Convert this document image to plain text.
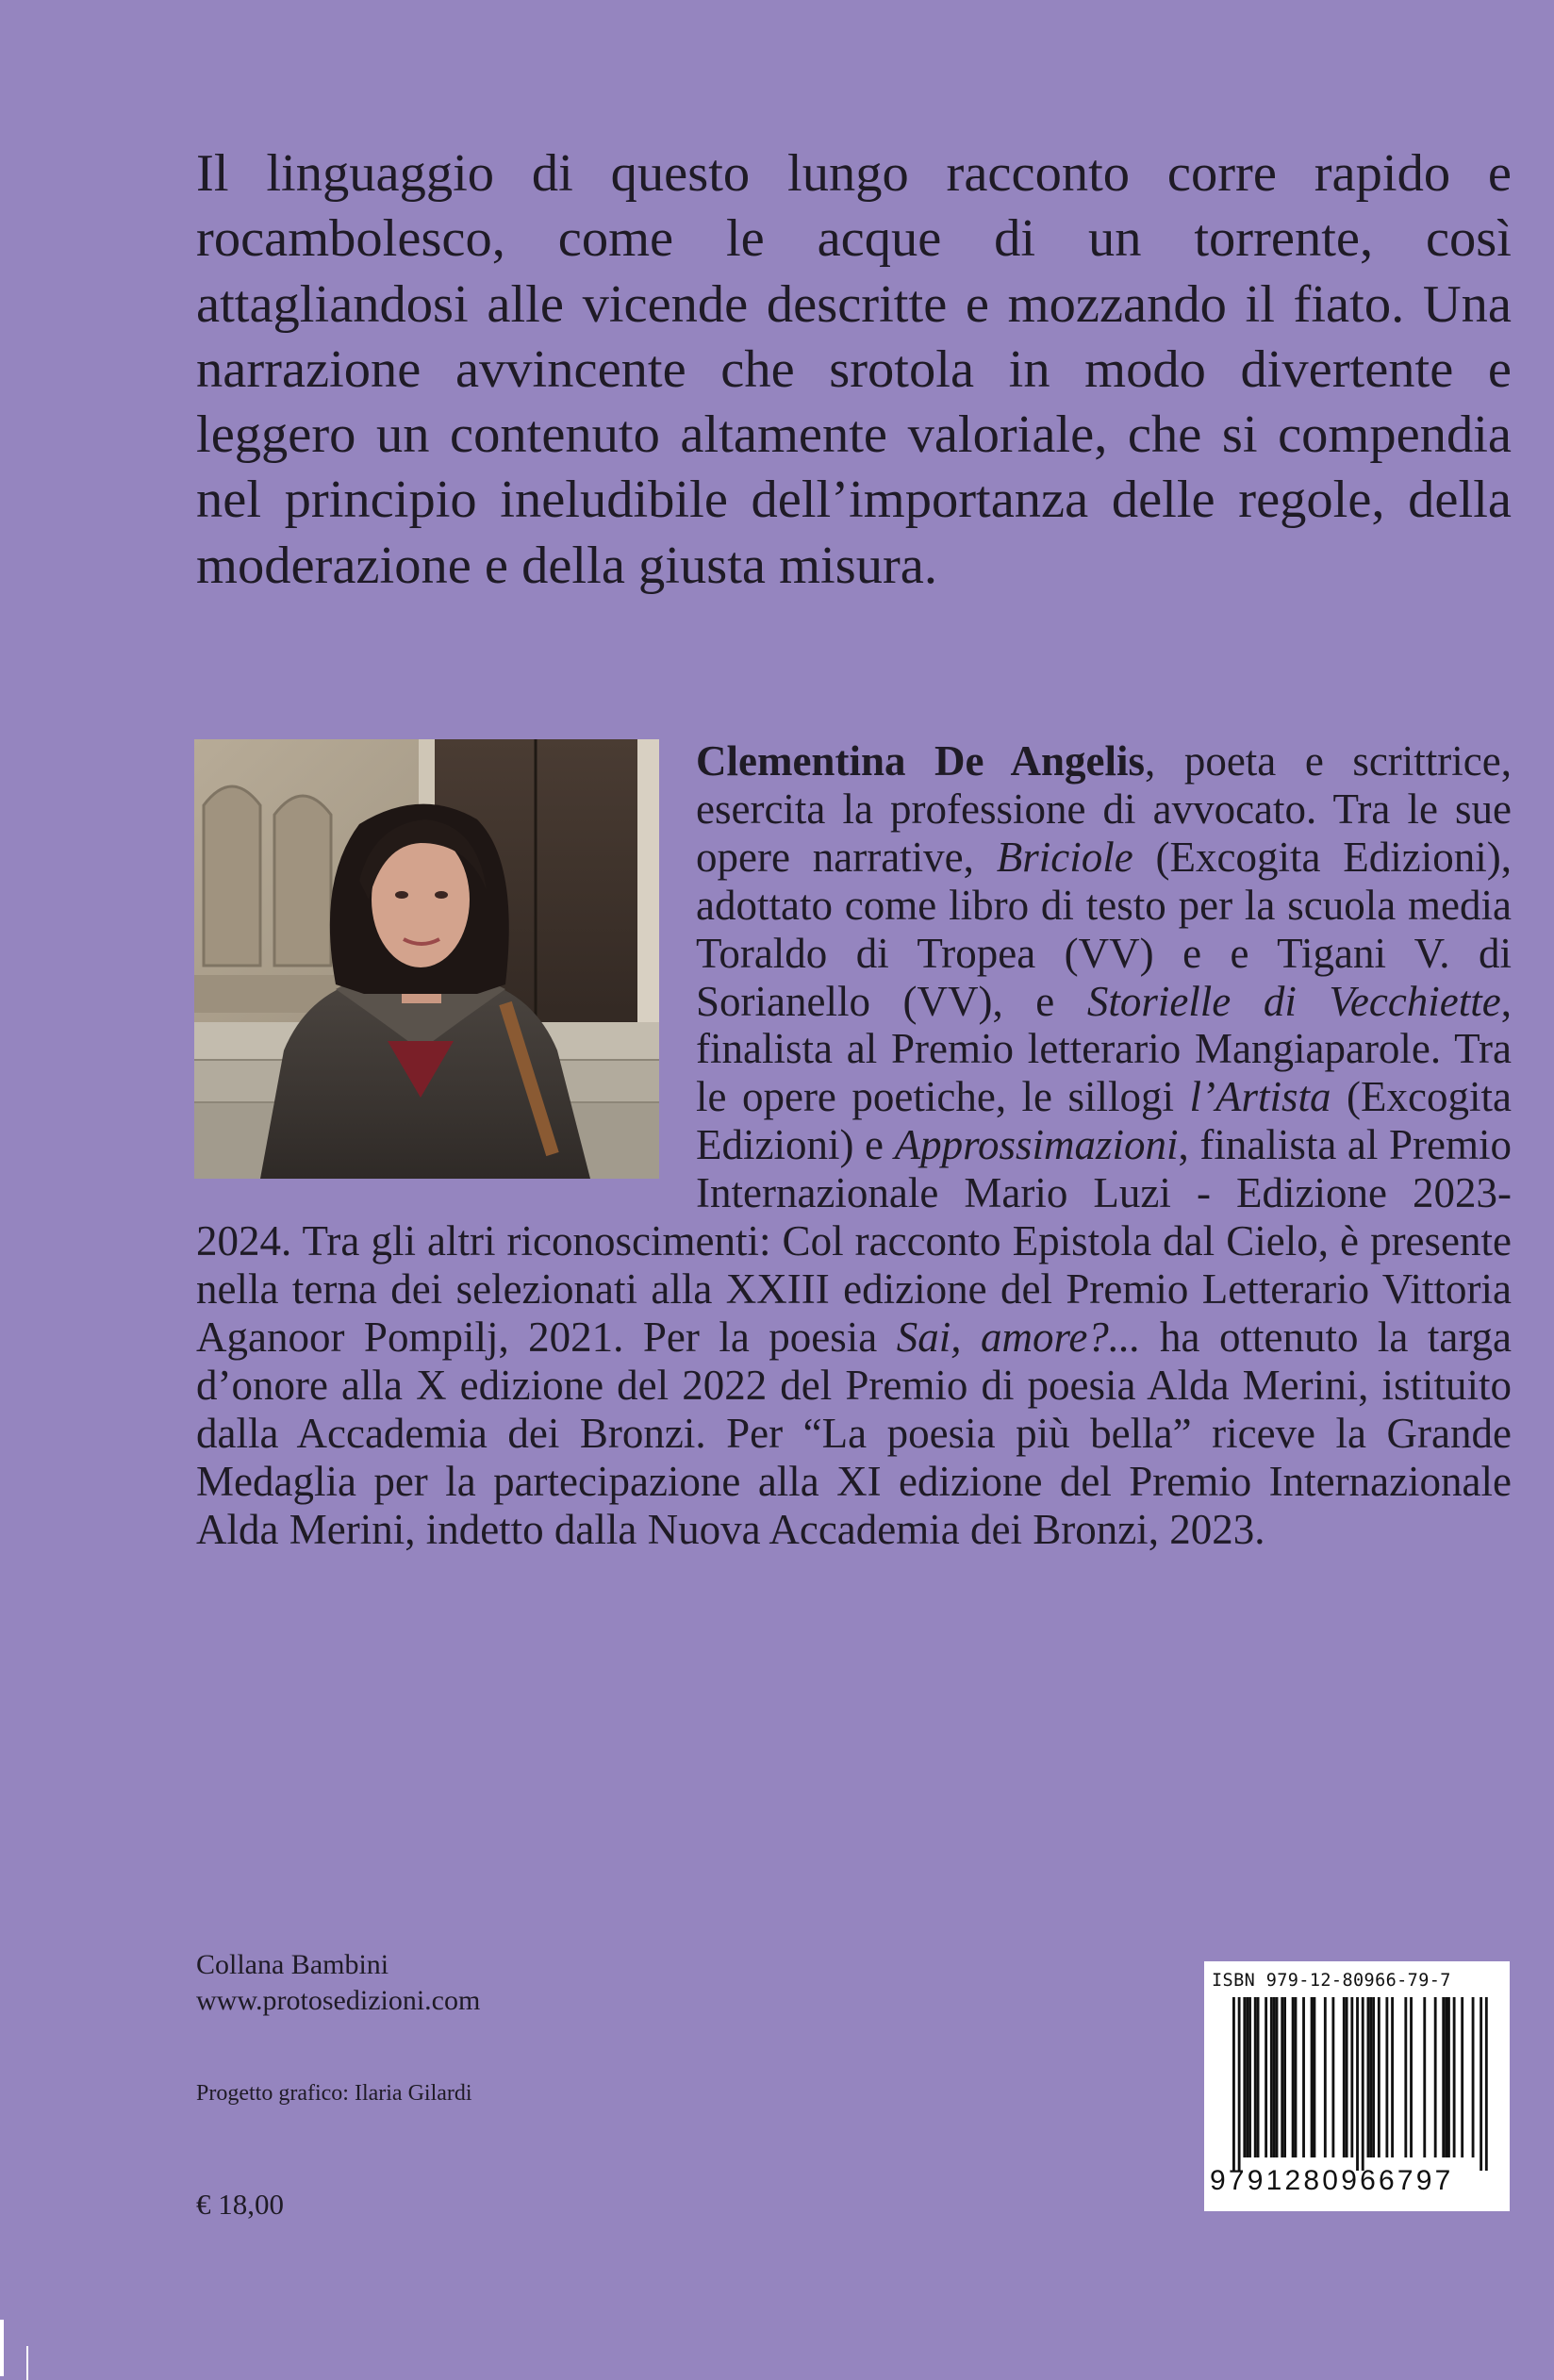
Il linguaggio di questo lungo racconto corre rapido e rocambolesco, come le acque di un torrente, così attagliandosi alle vicende descritte e mozzando il fiato. Una narrazione avvincente che srotola in modo divertente e leggero un contenuto altamente valoriale, che si compendia nel principio ineludibile dell’importanza delle regole, della moderazione e della giusta misura.

Clementina De Angelis, poeta e scrittrice, esercita la professione di avvocato. Tra le sue opere narrative, Briciole (Excogita Edizioni), adottato come libro di testo per la scuola media Toraldo di Tropea (VV) e e Tigani V. di Sorianello (VV), e Storielle di Vecchiette, finalista al Premio letterario Mangiaparole. Tra le opere poetiche, le sillogi l’Artista (Excogita Edizioni) e Approssimazioni, finalista al Premio Internazionale Mario Luzi - Edizione 2023-2024. Tra gli altri riconoscimenti: Col racconto Epistola dal Cielo, è presente nella terna dei selezionati alla XXIII edizione del Premio Letterario Vittoria Aganoor Pompilj, 2021. Per la poesia Sai, amore?... ha ottenuto la targa d’onore alla X edizione del 2022 del Premio di poesia Alda Merini, istituito dalla Accademia dei Bronzi. Per “La poesia più bella” riceve la Grande Medaglia per la partecipazione alla XI edizione del Premio Internazionale Alda Merini, indetto dalla Nuova Accademia dei Bronzi, 2023.

Collana Bambini
www.protosedizioni.com
Progetto grafico: Ilaria Gilardi
€ 18,00
ISBN 979-12-80966-79-7
9791280966797
